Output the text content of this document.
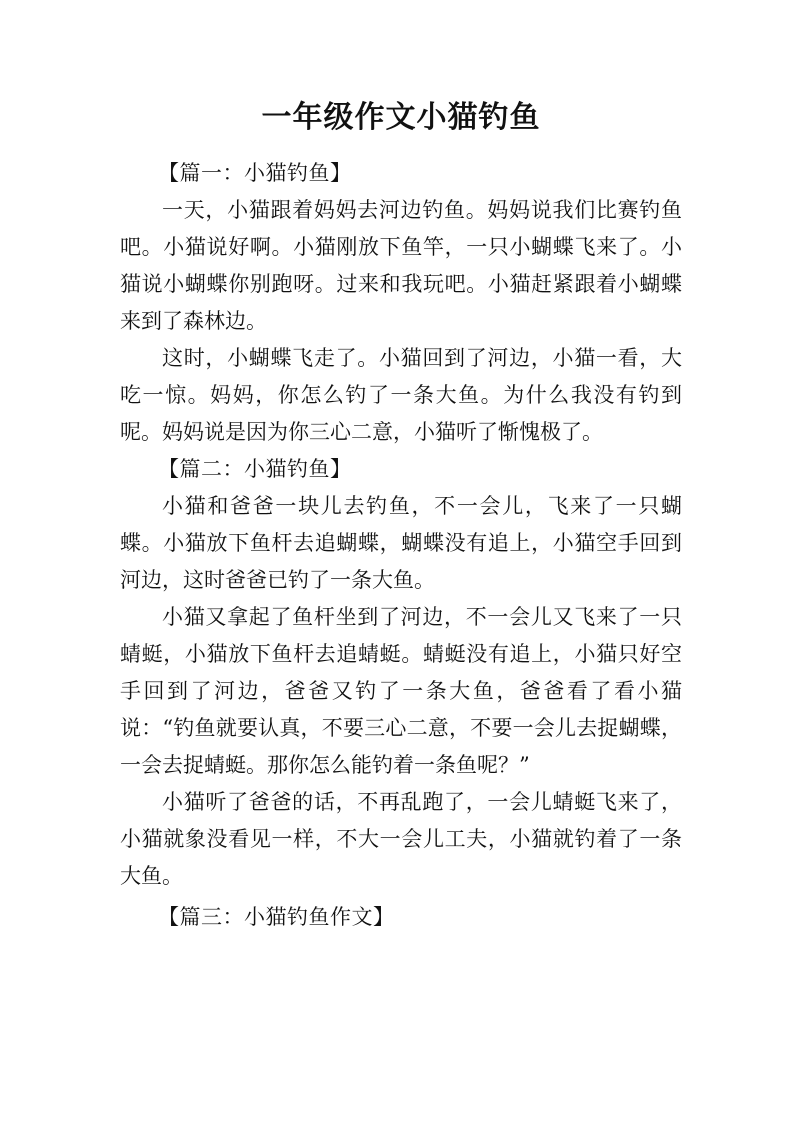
一年级作文小猫钓鱼

【篇一：小猫钓鱼】

一天，小猫跟着妈妈去河边钓鱼。妈妈说我们比赛钓鱼吧。小猫说好啊。小猫刚放下鱼竿，一只小蝴蝶飞来了。小猫说小蝴蝶你别跑呀。过来和我玩吧。小猫赶紧跟着小蝴蝶来到了森林边。

这时，小蝴蝶飞走了。小猫回到了河边，小猫一看，大吃一惊。妈妈，你怎么钓了一条大鱼。为什么我没有钓到呢。妈妈说是因为你三心二意，小猫听了惭愧极了。

【篇二：小猫钓鱼】

小猫和爸爸一块儿去钓鱼，不一会儿，飞来了一只蝴蝶。小猫放下鱼杆去追蝴蝶，蝴蝶没有追上，小猫空手回到河边，这时爸爸已钓了一条大鱼。

小猫又拿起了鱼杆坐到了河边，不一会儿又飞来了一只蜻蜓，小猫放下鱼杆去追蜻蜓。蜻蜓没有追上，小猫只好空手回到了河边，爸爸又钓了一条大鱼，爸爸看了看小猫说：“钓鱼就要认真，不要三心二意，不要一会儿去捉蝴蝶，一会去捉蜻蜓。那你怎么能钓着一条鱼呢？”

小猫听了爸爸的话，不再乱跑了，一会儿蜻蜓飞来了，小猫就象没看见一样，不大一会儿工夫，小猫就钓着了一条大鱼。

【篇三：小猫钓鱼作文】
